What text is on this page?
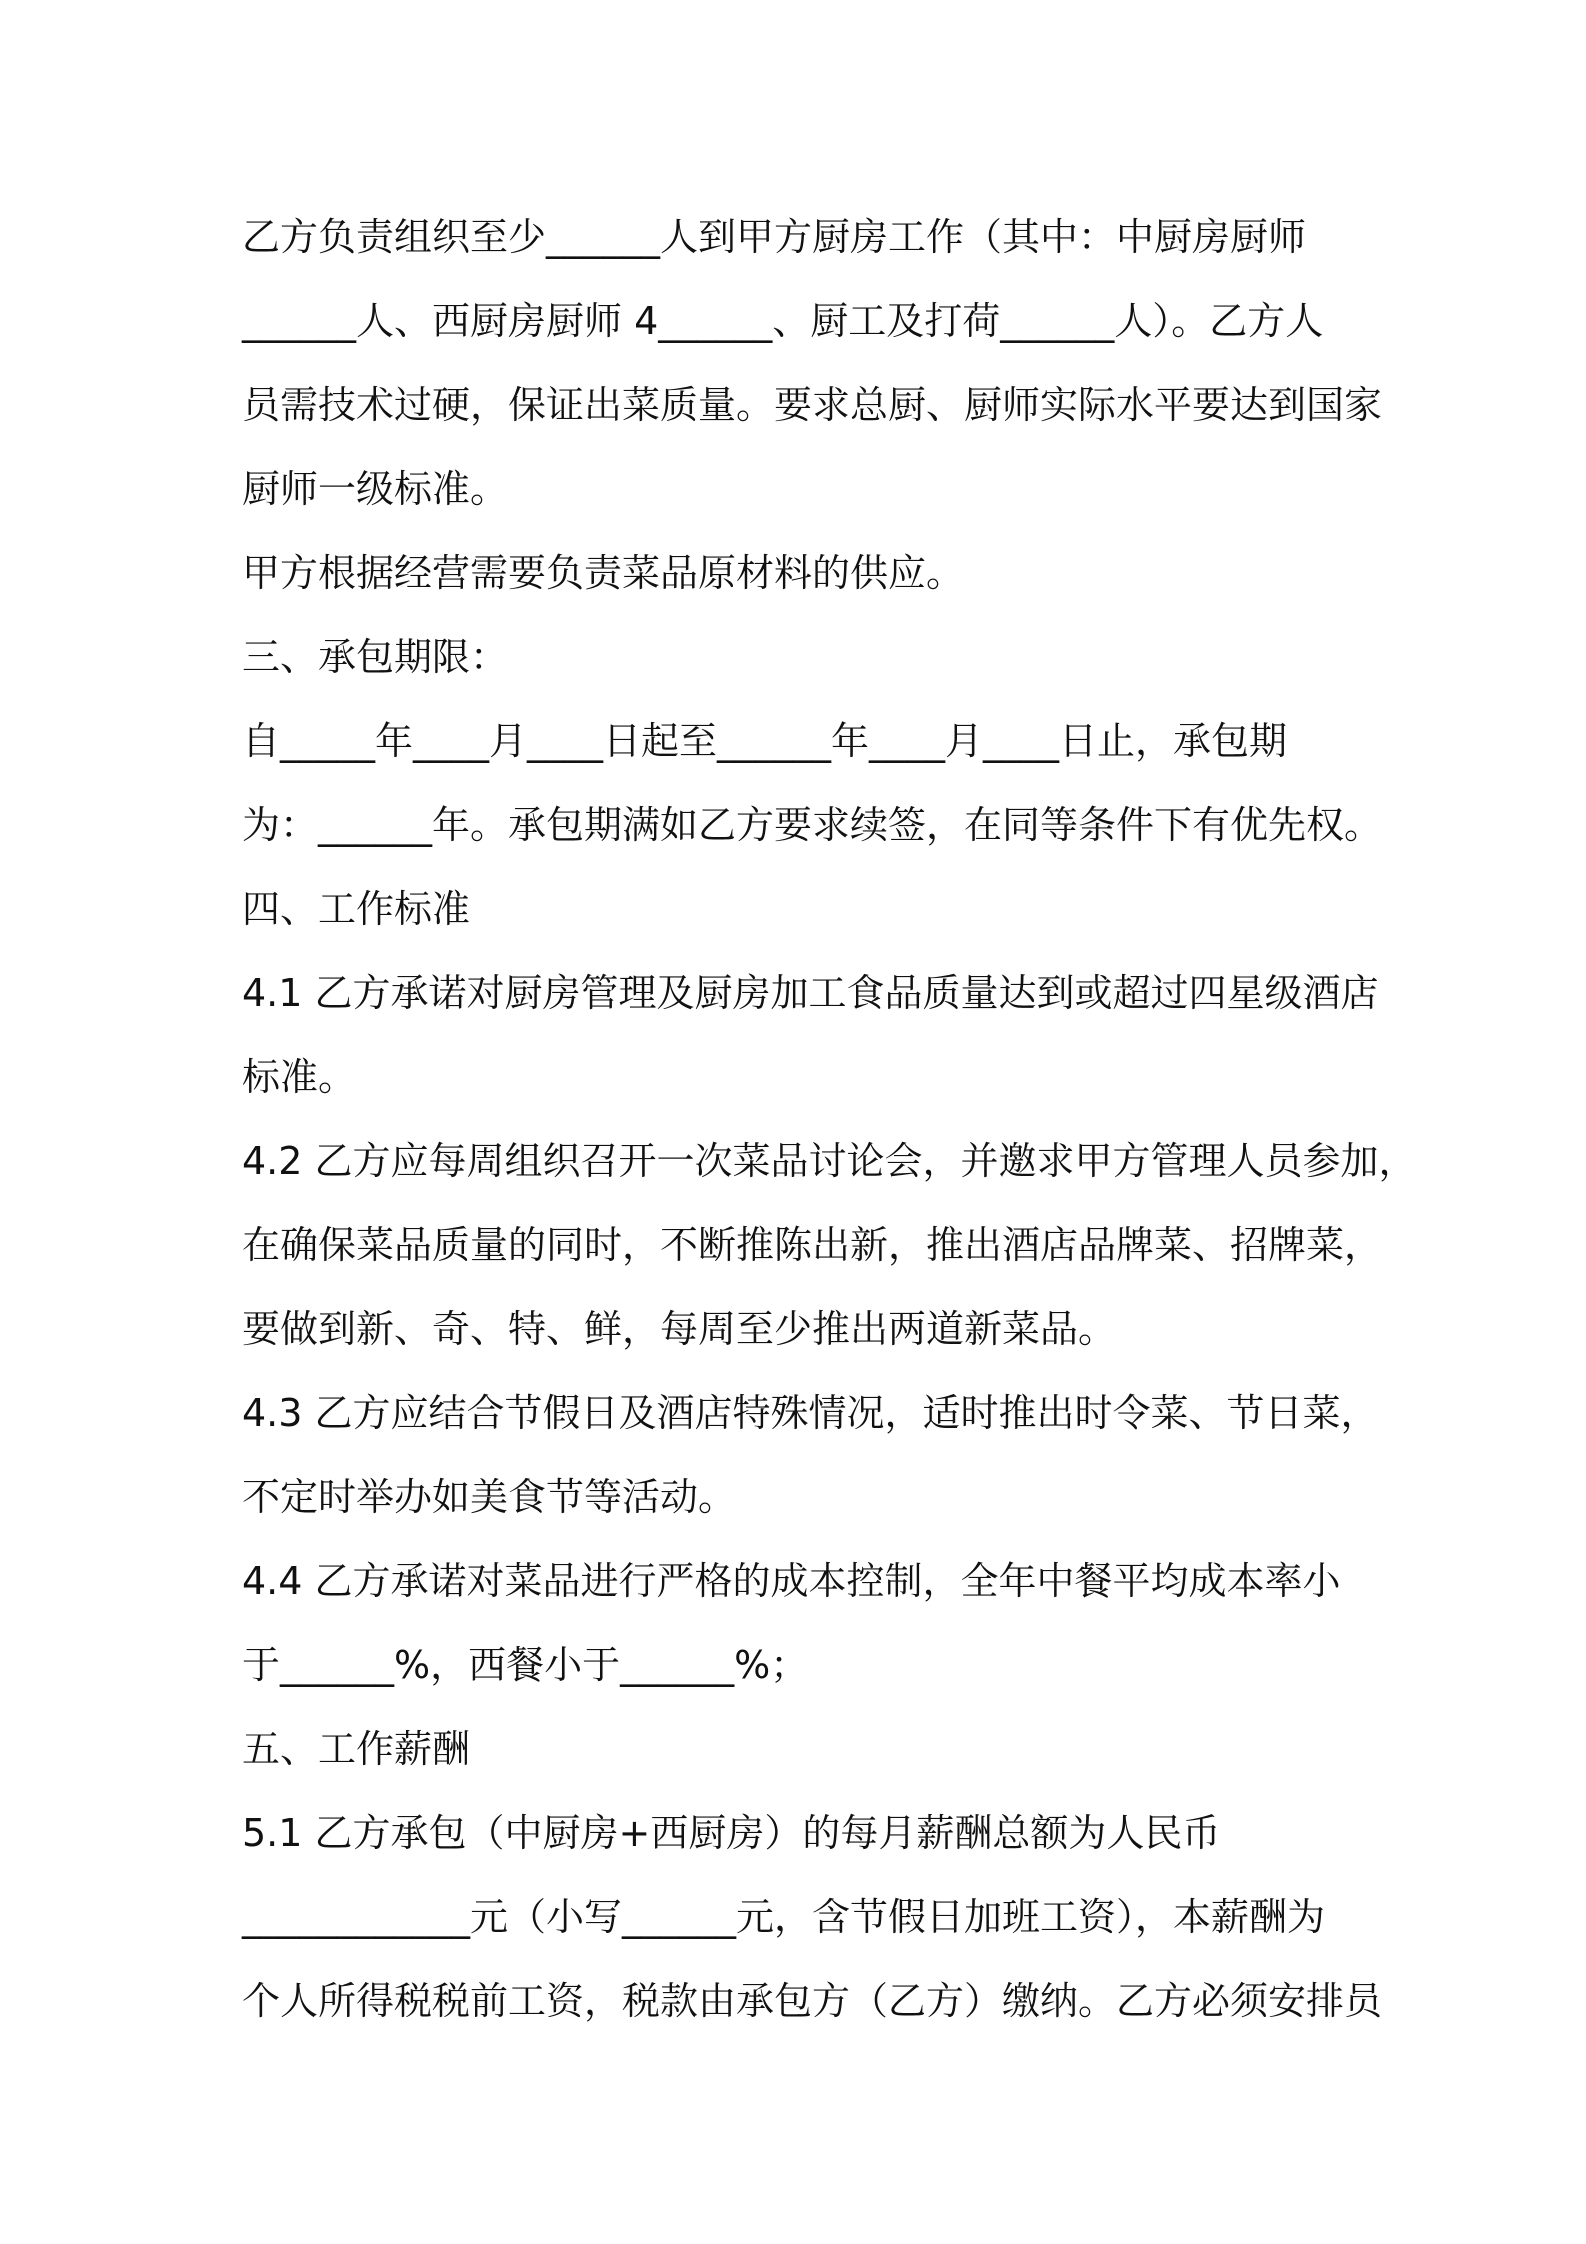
乙方负责组织至少______人到甲方厨房工作（其中：中厨房厨师
______人、西厨房厨师 4______、厨工及打荷______人）。乙方人
员需技术过硬，保证出菜质量。要求总厨、厨师实际水平要达到国家
厨师一级标准。
甲方根据经营需要负责菜品原材料的供应。
三、承包期限：
自_____年____月____日起至______年____月____日止，承包期
为：______年。承包期满如乙方要求续签，在同等条件下有优先权。
四、工作标准
4.1 乙方承诺对厨房管理及厨房加工食品质量达到或超过四星级酒店
标准。
4.2 乙方应每周组织召开一次菜品讨论会，并邀求甲方管理人员参加，
在确保菜品质量的同时，不断推陈出新，推出酒店品牌菜、招牌菜，
要做到新、奇、特、鲜，每周至少推出两道新菜品。
4.3 乙方应结合节假日及酒店特殊情况，适时推出时令菜、节日菜，
不定时举办如美食节等活动。
4.4 乙方承诺对菜品进行严格的成本控制，全年中餐平均成本率小
于______%，西餐小于______%；
五、工作薪酬
5.1 乙方承包（中厨房+西厨房）的每月薪酬总额为人民币
____________元（小写______元，含节假日加班工资），本薪酬为
个人所得税税前工资，税款由承包方（乙方）缴纳。乙方必须安排员
